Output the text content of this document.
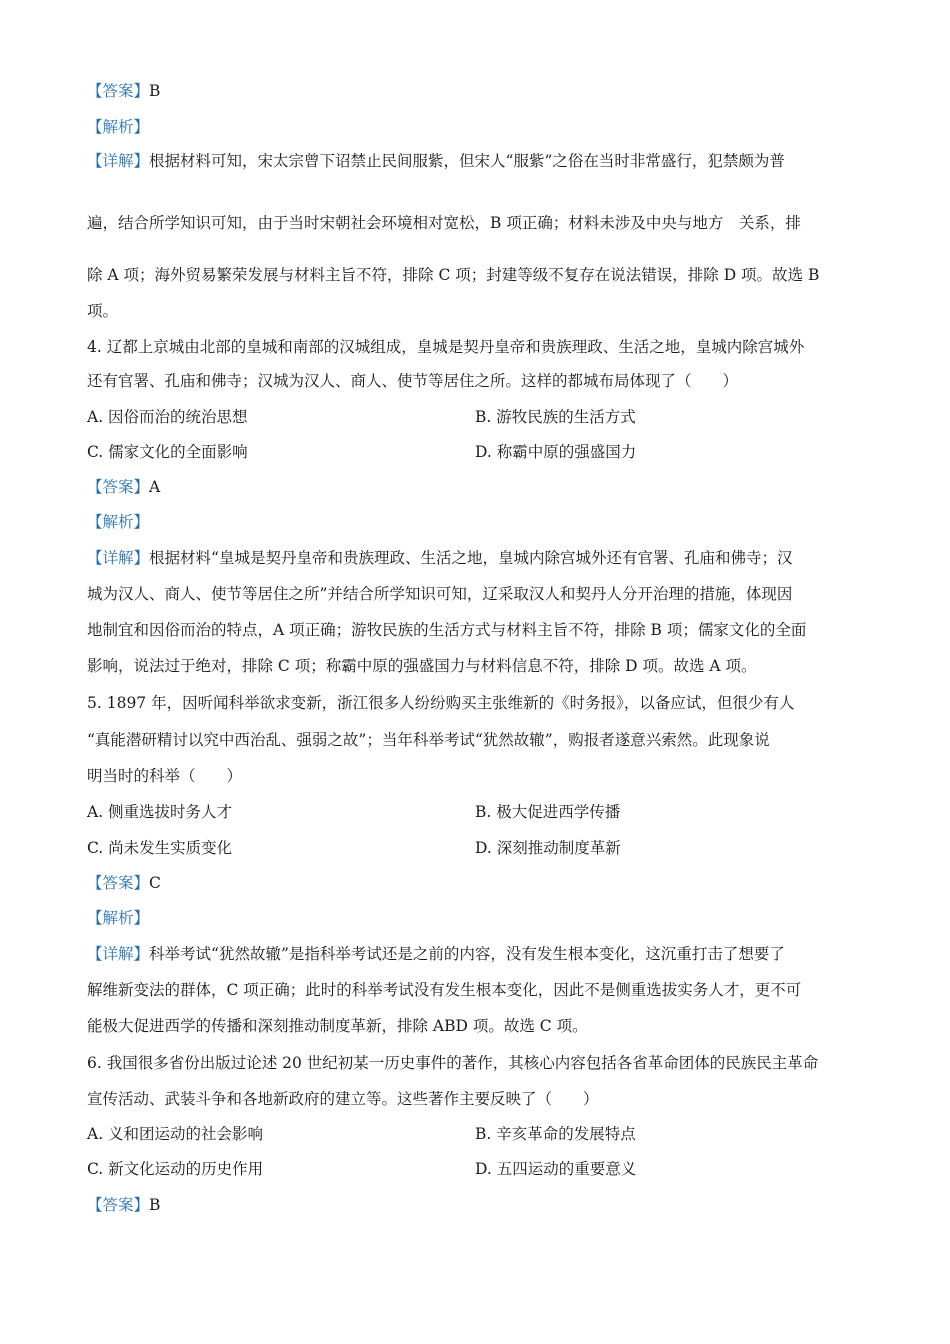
【答案】B
【解析】
【详解】根据材料可知，宋太宗曾下诏禁止民间服紫，但宋人“服紫”之俗在当时非常盛行，犯禁颇为普
遍，结合所学知识可知，由于当时宋朝社会环境相对宽松，B 项正确；材料未涉及中央与地方　关系，排
除 A 项；海外贸易繁荣发展与材料主旨不符，排除 C 项；封建等级不复存在说法错误，排除 D 项。故选 B
项。
4. 辽都上京城由北部的皇城和南部的汉城组成，皇城是契丹皇帝和贵族理政、生活之地，皇城内除宫城外
还有官署、孔庙和佛寺；汉城为汉人、商人、使节等居住之所。这样的都城布局体现了（　　）
A. 因俗而治的统治思想	B. 游牧民族的生活方式
C. 儒家文化的全面影响	D. 称霸中原的强盛国力
【答案】A
【解析】
【详解】根据材料“皇城是契丹皇帝和贵族理政、生活之地，皇城内除宫城外还有官署、孔庙和佛寺；汉
城为汉人、商人、使节等居住之所”并结合所学知识可知，辽采取汉人和契丹人分开治理的措施，体现因
地制宜和因俗而治的特点，A 项正确；游牧民族的生活方式与材料主旨不符，排除 B 项；儒家文化的全面
影响，说法过于绝对，排除 C 项；称霸中原的强盛国力与材料信息不符，排除 D 项。故选 A 项。
5. 1897 年，因听闻科举欲求变新，浙江很多人纷纷购买主张维新的《时务报》，以备应试，但很少有人
“真能潜研精讨以究中西治乱、强弱之故”；当年科举考试“犹然故辙”，购报者遂意兴索然。此现象说
明当时的科举（　　）
A. 侧重选拔时务人才	B. 极大促进西学传播
C. 尚未发生实质变化	D. 深刻推动制度革新
【答案】C
【解析】
【详解】科举考试“犹然故辙”是指科举考试还是之前的内容，没有发生根本变化，这沉重打击了想要了
解维新变法的群体，C 项正确；此时的科举考试没有发生根本变化，因此不是侧重选拔实务人才，更不可
能极大促进西学的传播和深刻推动制度革新，排除 ABD 项。故选 C 项。
6. 我国很多省份出版过论述 20 世纪初某一历史事件的著作，其核心内容包括各省革命团体的民族民主革命
宣传活动、武装斗争和各地新政府的建立等。这些著作主要反映了（　　）
A. 义和团运动的社会影响	B. 辛亥革命的发展特点
C. 新文化运动的历史作用	D. 五四运动的重要意义
【答案】B
